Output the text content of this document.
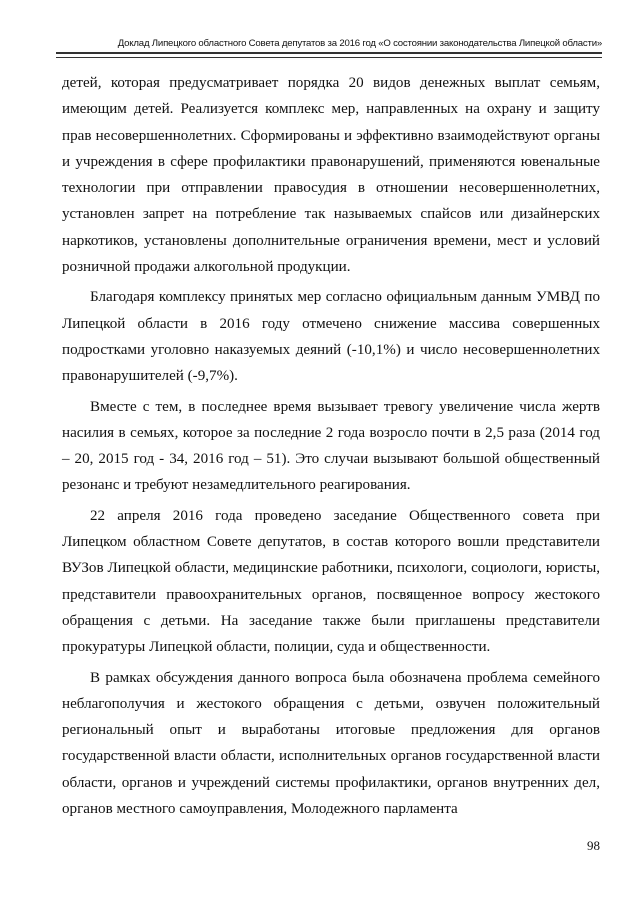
Доклад Липецкого областного Совета депутатов за 2016 год «О состоянии законодательства Липецкой области»

детей, которая предусматривает порядка 20 видов денежных выплат семьям, имеющим детей. Реализуется комплекс мер, направленных на охрану и защиту прав несовершеннолетних. Сформированы и эффективно взаимодействуют органы и учреждения в сфере профилактики правонарушений, применяются ювенальные технологии при отправлении правосудия в отношении несовершеннолетних, установлен запрет на потребление так называемых спайсов или дизайнерских наркотиков, установлены дополнительные ограничения времени, мест и условий розничной продажи алкогольной продукции.

Благодаря комплексу принятых мер согласно официальным данным УМВД по Липецкой области в 2016 году отмечено снижение массива совершенных подростками уголовно наказуемых деяний (-10,1%) и число несовершеннолетних правонарушителей (-9,7%).

Вместе с тем, в последнее время вызывает тревогу увеличение числа жертв насилия в семьях, которое за последние 2 года возросло почти в 2,5 раза (2014 год – 20, 2015 год - 34, 2016 год – 51). Это случаи вызывают большой общественный резонанс и требуют незамедлительного реагирования.

22 апреля 2016 года проведено заседание Общественного совета при Липецком областном Совете депутатов, в состав которого вошли представители ВУЗов Липецкой области, медицинские работники, психологи, социологи, юристы, представители правоохранительных органов, посвященное вопросу жестокого обращения с детьми. На заседание также были приглашены представители прокуратуры Липецкой области, полиции, суда и общественности.

В рамках обсуждения данного вопроса была обозначена проблема семейного неблагополучия и жестокого обращения с детьми, озвучен положительный региональный опыт и выработаны итоговые предложения для органов государственной власти области, исполнительных органов государственной власти области, органов и учреждений системы профилактики, органов внутренних дел, органов местного самоуправления, Молодежного парламента

98
